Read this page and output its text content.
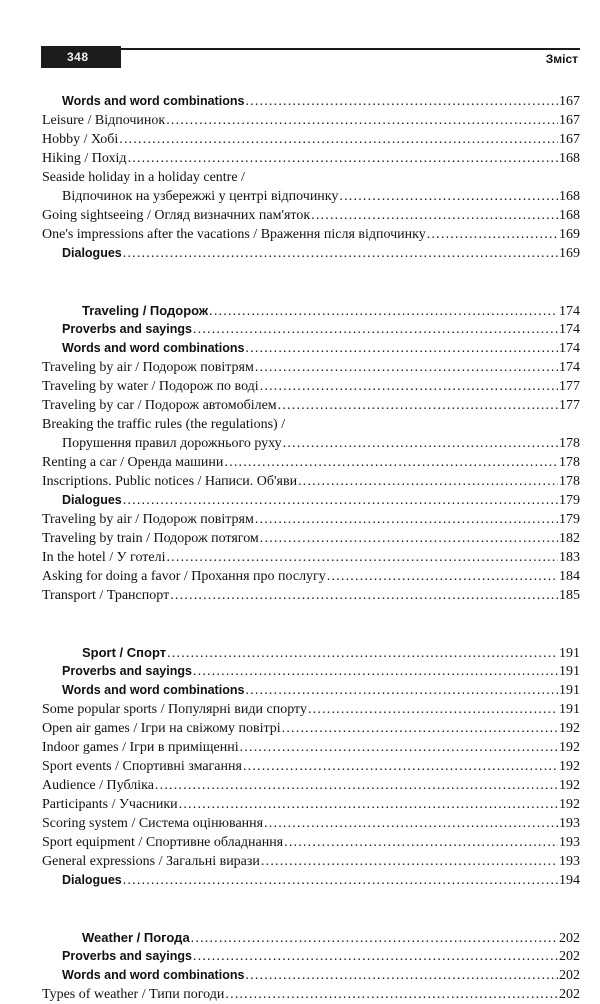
348	Зміст
Words and word combinations .....	167
Leisure / Відпочинок .....	167
Hobby / Хобі .....	167
Hiking / Похід .....	168
Seaside holiday in a holiday centre /
Відпочинок на узбережжі у центрі відпочинку .....	168
Going sightseeing / Огляд визначних пам'яток .....	168
One's impressions after the vacations / Враження після відпочинку .....	169
Dialogues .....	169
Traveling / Подорож .....	174
Proverbs and sayings .....	174
Words and word combinations .....	174
Traveling by air / Подорож повітрям .....	174
Traveling by water / Подорож по воді .....	177
Traveling by car / Подорож автомобілем .....	177
Breaking the traffic rules (the regulations) /
Порушення правил дорожнього руху .....	178
Renting a car / Оренда машини .....	178
Inscriptions. Public notices / Написи. Об'яви .....	178
Dialogues .....	179
Traveling by air / Подорож повітрям .....	179
Traveling by train / Подорож потягом .....	182
In the hotel / У готелі .....	183
Asking for doing a favor / Прохання про послугу .....	184
Transport / Транспорт .....	185
Sport / Спорт .....	191
Proverbs and sayings .....	191
Words and word combinations .....	191
Some popular sports / Популярні види спорту .....	191
Open air games / Ігри на свіжому повітрі .....	192
Indoor games / Ігри в приміщенні .....	192
Sport events / Спортивні змагання .....	192
Audience / Публіка .....	192
Participants / Учасники .....	192
Scoring system / Система оцінювання .....	193
Sport equipment / Спортивне обладнання .....	193
General expressions / Загальні вирази .....	193
Dialogues .....	194
Weather / Погода .....	202
Proverbs and sayings .....	202
Words and word combinations .....	202
Types of weather / Типи погоди .....	202
